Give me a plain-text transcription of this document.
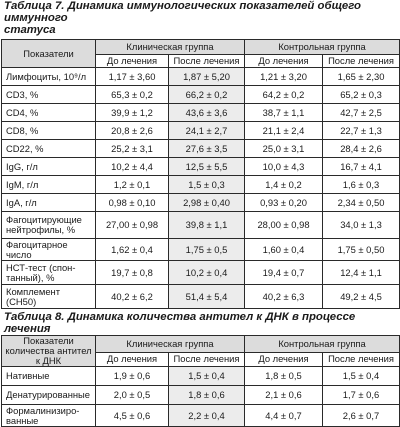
Таблица 7. Динамика иммунологических показателей общего иммунного
статуса
Показатели	Клиническая группа		Контрольная группа	
	До лечения	После лечения	До лечения	После лечения
Лимфоциты, 10⁹/л	1,17 ± 3,60	1,87 ± 5,20	1,21 ± 3,20	1,65 ± 2,30
CD3, %	65,3 ± 0,2	66,2 ± 0,2	64,2 ± 0,2	65,2 ± 0,3
CD4, %	39,9 ± 1,2	43,6 ± 3,6	38,7 ± 1,1	42,7 ± 2,5
CD8, %	20,8 ± 2,6	24,1 ± 2,7	21,1 ± 2,4	22,7 ± 1,3
CD22, %	25,2 ± 3,1	27,6 ± 3,5	25,0 ± 3,1	28,4 ± 2,6
IgG, г/л	10,2 ± 4,4	12,5 ± 5,5	10,0 ± 4,3	16,7 ± 4,1
IgM, г/л	1,2 ± 0,1	1,5 ± 0,3	1,4 ± 0,2	1,6 ± 0,3
IgA, г/л	0,98 ± 0,10	2,98 ± 0,40	0,93 ± 0,20	2,34 ± 0,50
Фагоцитирующие нейтрофилы, %	27,00 ± 0,98	39,8 ± 1,1	28,00 ± 0,98	34,0 ± 1,3
Фагоцитарное число	1,62 ± 0,4	1,75 ± 0,5	1,60 ± 0,4	1,75 ± 0,50
НСТ-тест (спон-танный), %	19,7 ± 0,8	10,2 ± 0,4	19,4 ± 0,7	12,4 ± 1,1
Комплемент (CH50)	40,2 ± 6,2	51,4 ± 5,4	40,2 ± 6,3	49,2 ± 4,5
Таблица 8. Динамика количества антител к ДНК в процессе лечения
Показатели количества антител к ДНК	Клиническая группа		Контрольная группа	
	До лечения	После лечения	До лечения	После лечения
Нативные	1,9 ± 0,6	1,5 ± 0,4	1,8 ± 0,5	1,5 ± 0,4
Денатурированные	2,0 ± 0,5	1,8 ± 0,6	2,1 ± 0,6	1,7 ± 0,6
Формалинизиро-ванные	4,5 ± 0,6	2,2 ± 0,4	4,4 ± 0,7	2,6 ± 0,7
